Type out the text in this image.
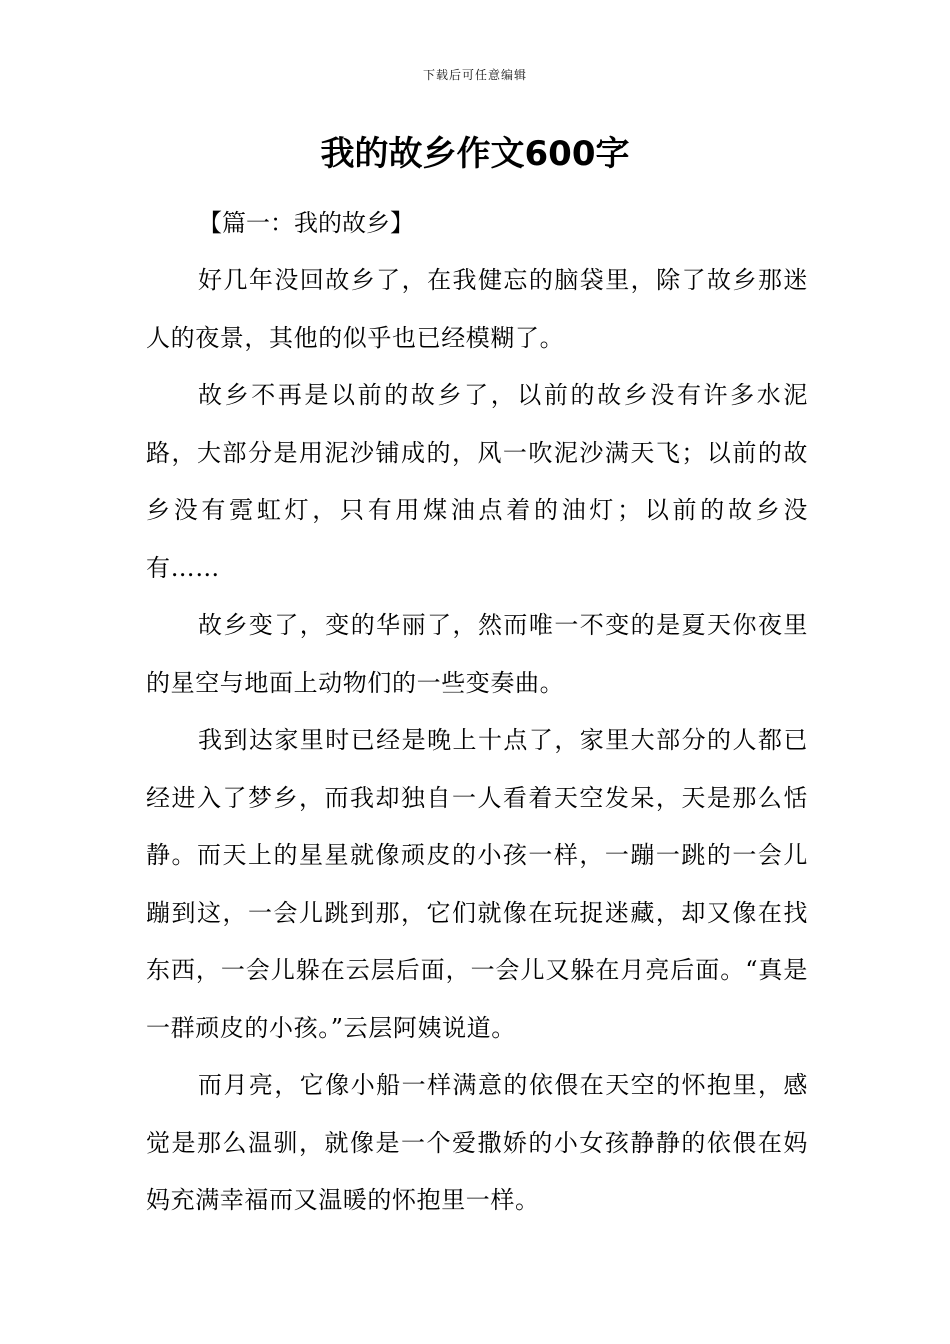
下载后可任意编辑
我的故乡作文600字
【篇一：我的故乡】

好几年没回故乡了，在我健忘的脑袋里，除了故乡那迷人的夜景，其他的似乎也已经模糊了。

故乡不再是以前的故乡了，以前的故乡没有许多水泥路，大部分是用泥沙铺成的，风一吹泥沙满天飞；以前的故乡没有霓虹灯，只有用煤油点着的油灯；以前的故乡没有……

故乡变了，变的华丽了，然而唯一不变的是夏天你夜里的星空与地面上动物们的一些变奏曲。

我到达家里时已经是晚上十点了，家里大部分的人都已经进入了梦乡，而我却独自一人看着天空发呆，天是那么恬静。而天上的星星就像顽皮的小孩一样，一蹦一跳的一会儿蹦到这，一会儿跳到那，它们就像在玩捉迷藏，却又像在找东西，一会儿躲在云层后面，一会儿又躲在月亮后面。“真是一群顽皮的小孩。”云层阿姨说道。

而月亮，它像小船一样满意的依偎在天空的怀抱里，感觉是那么温驯，就像是一个爱撒娇的小女孩静静的依偎在妈妈充满幸福而又温暖的怀抱里一样。
